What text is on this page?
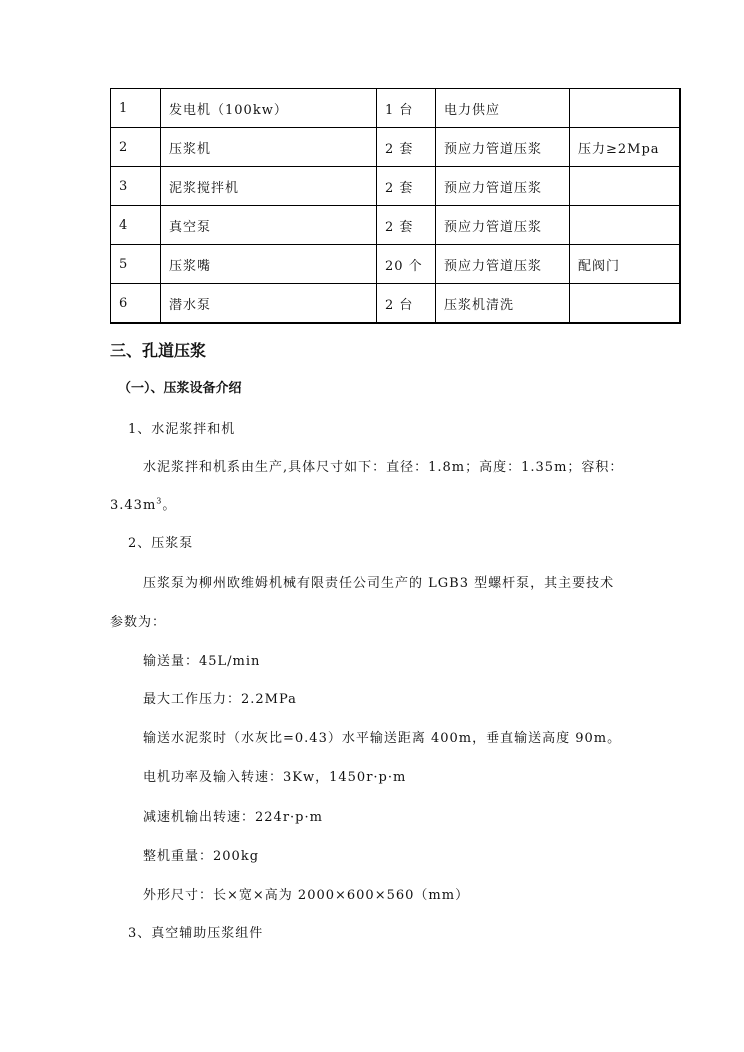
1	发电机（100kw）	1 台	电力供应	
2	压浆机	2 套	预应力管道压浆	压力≥2Mpa
3	泥浆搅拌机	2 套	预应力管道压浆	
4	真空泵	2 套	预应力管道压浆	
5	压浆嘴	20 个	预应力管道压浆	配阀门
6	潜水泵	2 台	压浆机清洗	
三、孔道压浆
（一）、压浆设备介绍
1、水泥浆拌和机
水泥浆拌和机系由生产,具体尺寸如下：直径：1.8m；高度：1.35m；容积：
$3.43m^3$。
2、压浆泵
压浆泵为柳州欧维姆机械有限责任公司生产的 LGB3 型螺杆泵，其主要技术
参数为：
输送量：45L/min
最大工作压力：2.2MPa
输送水泥浆时（水灰比=0.43）水平输送距离 400m，垂直输送高度 90m。
电机功率及输入转速：3Kw，1450r·p·m
减速机输出转速：224r·p·m
整机重量：200kg
外形尺寸：长×宽×高为 2000×600×560（mm）
3、真空辅助压浆组件
